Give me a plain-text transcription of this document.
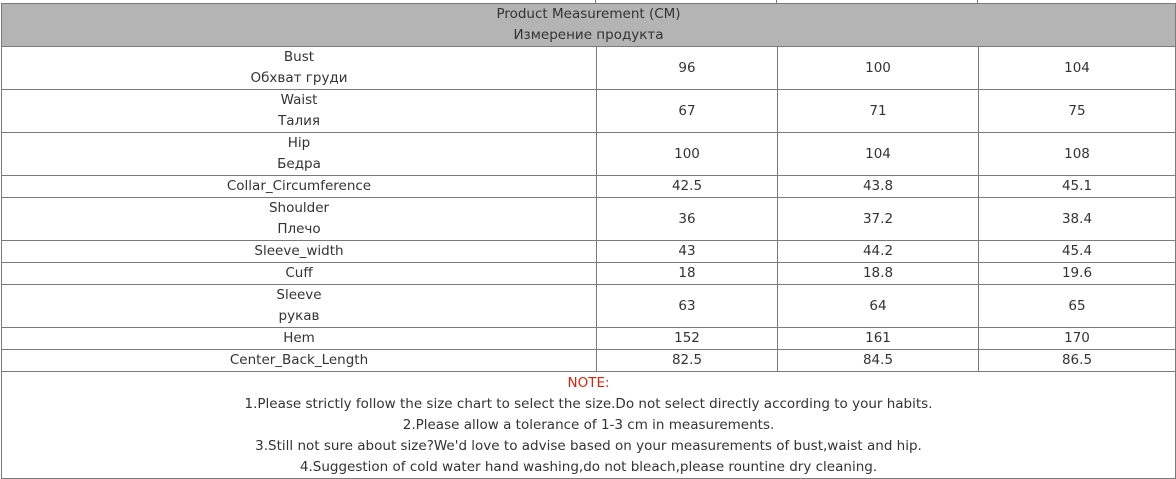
Product Measurement (CM)
Измерение продукта			

Bust
Обхват груди	96	100	104

Waist
Талия	67	71	75

Hip
Бедра	100	104	108
Collar_Circumference	42.5	43.8	45.1

Shoulder
Плечо	36	37.2	38.4
Sleeve_width	43	44.2	45.4
Cuff	18	18.8	19.6

Sleeve
рукав	63	64	65
Hem	152	161	170
Center_Back_Length	82.5	84.5	86.5

NOTE:
1.Please strictly follow the size chart to select the size.Do not select directly according to your habits.
2.Please allow a tolerance of 1-3 cm in measurements.
3.Still not sure about size?We'd love to advise based on your measurements of bust,waist and hip.
4.Suggestion of cold water hand washing,do not bleach,please rountine dry cleaning.			
